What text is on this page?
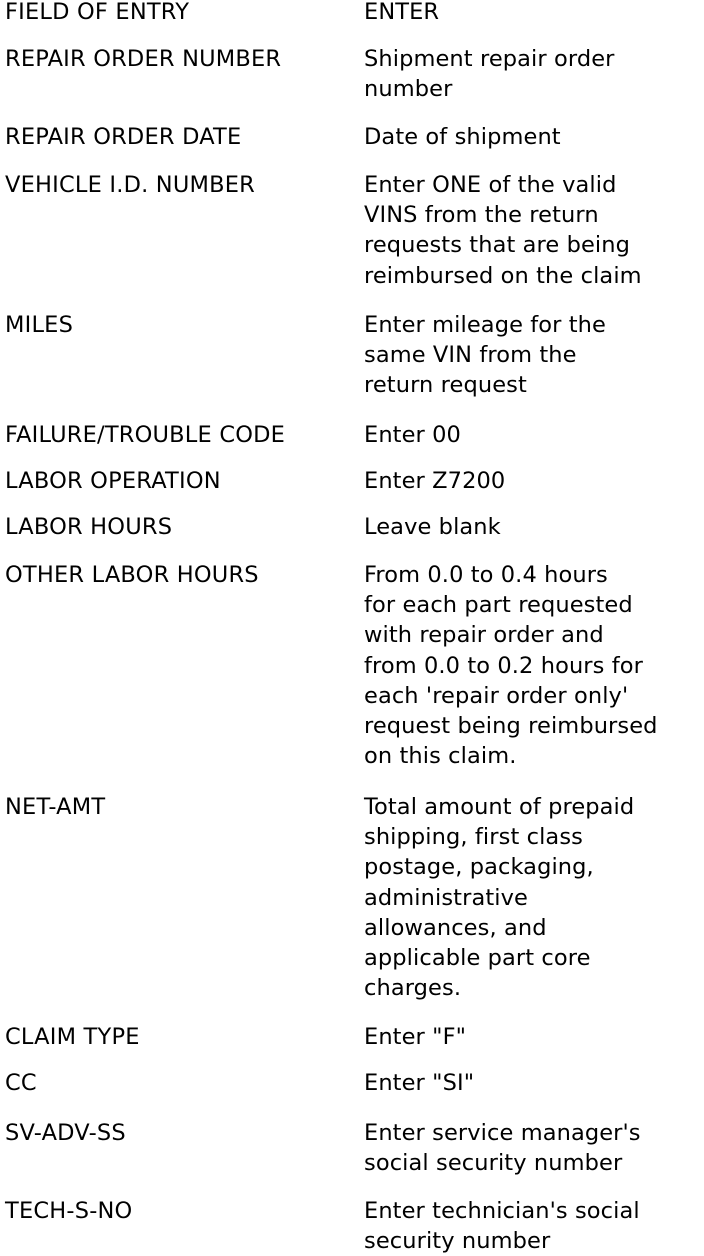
FIELD OF ENTRY	ENTER
REPAIR ORDER NUMBER	Shipment repair order
number
REPAIR ORDER DATE	Date of shipment
VEHICLE I.D. NUMBER	Enter ONE of the valid
VINS from the return
requests that are being
reimbursed on the claim
MILES	Enter mileage for the
same VIN from the
return request
FAILURE/TROUBLE CODE	Enter 00
LABOR OPERATION	Enter Z7200
LABOR HOURS	Leave blank
OTHER LABOR HOURS	From 0.0 to 0.4 hours
for each part requested
with repair order and
from 0.0 to 0.2 hours for
each 'repair order only'
request being reimbursed
on this claim.
NET-AMT	Total amount of prepaid
shipping, first class
postage, packaging,
administrative
allowances, and
applicable part core
charges.
CLAIM TYPE	Enter "F"
CC	Enter "SI"
SV-ADV-SS	Enter service manager's
social security number
TECH-S-NO	Enter technician's social
security number
